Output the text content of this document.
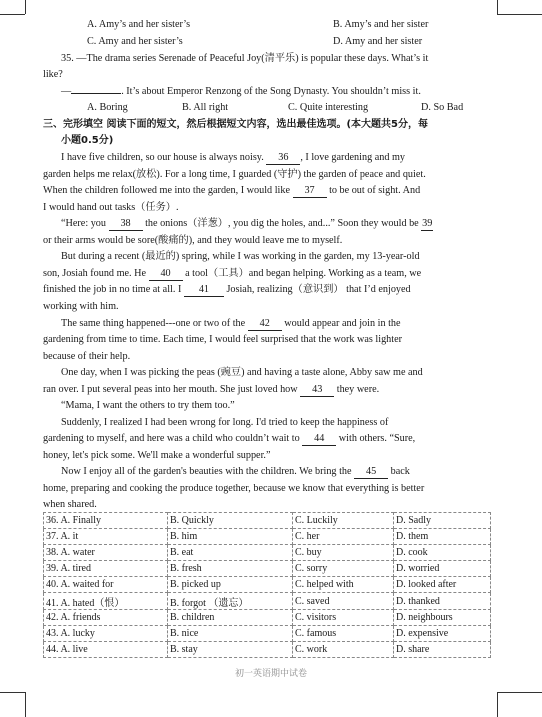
A. Amy’s and her sister’s	B. Amy’s and her sister
C. Amy and her sister’s	D. Amy and her sister
35. —The drama series Serenade of Peaceful Joy(清平乐) is popular these days. What’s it
like?
—	. It’s about Emperor Renzong of the Song Dynasty. You shouldn’t miss it.
A. Boring	B. All right	C. Quite interesting	D. So Bad
三、完形填空 阅读下面的短文，然后根据短文内容，选出最佳选项。(本大题共5分，每
小题0.5分)
I have five children, so our house is always noisy. 36 , I love gardening and my
garden helps me relax(放松). For a long time, I guarded (守护) the garden of peace and quiet.
When the children followed me into the garden, I would like 37 to be out of sight. And
I would hand out tasks（任务）.
“Here: you 38 the onions（洋葱）, you dig the holes, and...” Soon they would be 39
or their arms would be sore(酸痛的), and they would leave me to myself.
But during a recent (最近的) spring, while I was working in the garden, my 13-year-old
son, Josiah found me. He 40 a tool（工具）and began helping. Working as a team, we
finished the job in no time at all. I 41 Josiah, realizing（意识到） that I’d enjoyed
working with him.
The same thing happened---one or two of the 42 would appear and join in the
gardening from time to time. Each time, I would feel surprised that the work was lighter
because of their help.
One day, when I was picking the peas (豌豆) and having a taste alone, Abby saw me and
ran over. I put several peas into her mouth. She just loved how 43 they were.
“Mama, I want the others to try them too.”
Suddenly, I realized I had been wrong for long. I'd tried to keep the happiness of
gardening to myself, and here was a child who couldn’t wait to 44 with others. “Sure,
honey, let's pick some. We'll make a wonderful supper.”
Now I enjoy all of the garden's beauties with the children. We bring the 45 back
home, preparing and cooking the produce together, because we know that everything is better
when shared.
36. A. Finally	B. Quickly	C. Luckily	D. Sadly
37. A. it	B. him	C. her	D. them
38. A. water	B. eat	C. buy	D. cook
39. A. tired	B. fresh	C. sorry	D. worried
40. A. waited for	B. picked up	C. helped with	D. looked after
41. A. hated（恨）	B. forgot （遗忘）	C. saved	D. thanked
42. A. friends	B. children	C. visitors	D. neighbours
43. A. lucky	B. nice	C. famous	D. expensive
44. A. live	B. stay	C. work	D. share
初一英语期中试卷
